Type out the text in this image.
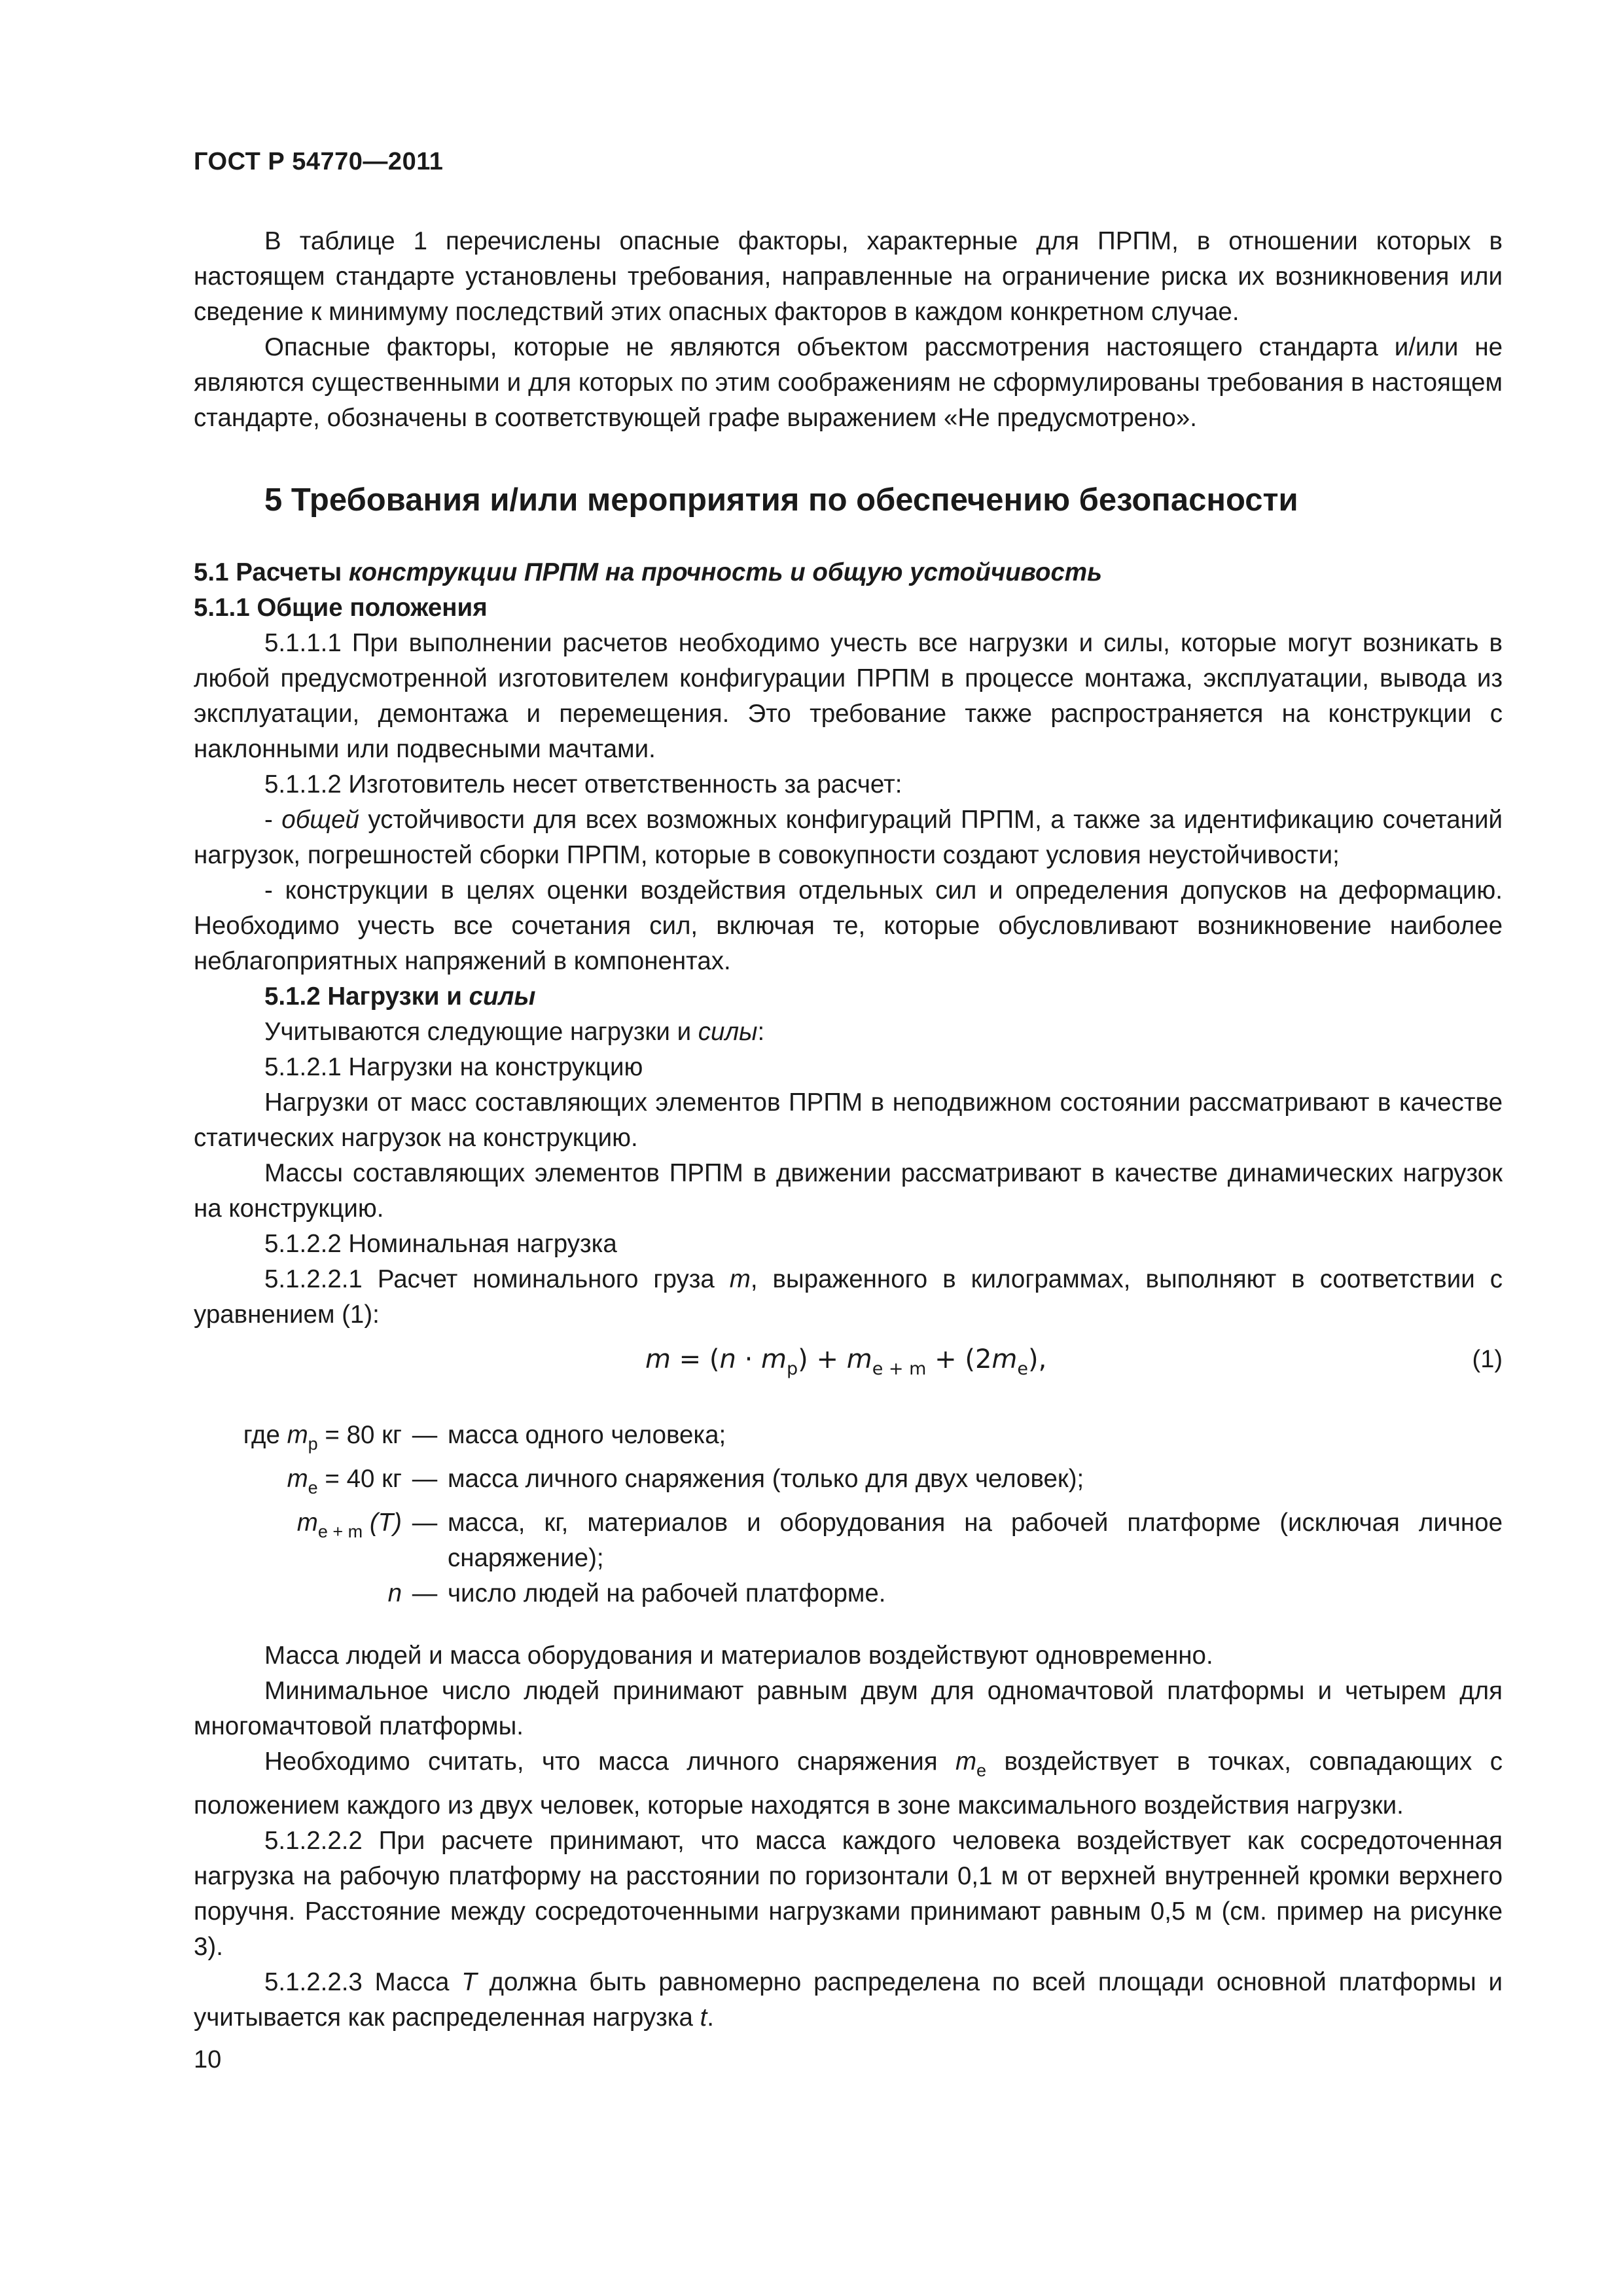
ГОСТ Р 54770—2011

В таблице 1 перечислены опасные факторы, характерные для ПРПМ, в отношении которых в настоящем стандарте установлены требования, направленные на ограничение риска их возникновения или сведение к минимуму последствий этих опасных факторов в каждом конкретном случае.

Опасные факторы, которые не являются объектом рассмотрения настоящего стандарта и/или не являются существенными и для которых по этим соображениям не сформулированы требования в настоящем стандарте, обозначены в соответствующей графе выражением «Не предусмотрено».

5 Требования и/или мероприятия по обеспечению безопасности

5.1 Расчеты конструкции ПРПМ на прочность и общую устойчивость

5.1.1 Общие положения

5.1.1.1 При выполнении расчетов необходимо учесть все нагрузки и силы, которые могут возникать в любой предусмотренной изготовителем конфигурации ПРПМ в процессе монтажа, эксплуатации, вывода из эксплуатации, демонтажа и перемещения. Это требование также распространяется на конструкции с наклонными или подвесными мачтами.

5.1.1.2 Изготовитель несет ответственность за расчет:

- общей устойчивости для всех возможных конфигураций ПРПМ, а также за идентификацию сочетаний нагрузок, погрешностей сборки ПРПМ, которые в совокупности создают условия неустойчивости;

- конструкции в целях оценки воздействия отдельных сил и определения допусков на деформацию. Необходимо учесть все сочетания сил, включая те, которые обусловливают возникновение наиболее неблагоприятных напряжений в компонентах.

5.1.2 Нагрузки и силы

Учитываются следующие нагрузки и силы:

5.1.2.1 Нагрузки на конструкцию

Нагрузки от масс составляющих элементов ПРПМ в неподвижном состоянии рассматривают в качестве статических нагрузок на конструкцию.

Массы составляющих элементов ПРПМ в движении рассматривают в качестве динамических нагрузок на конструкцию.

5.1.2.2 Номинальная нагрузка

5.1.2.2.1 Расчет номинального груза m, выраженного в килограммах, выполняют в соответствии с уравнением (1):

$m = (n \cdot m_p) + m_{e + m} + (2m_e)$,	(1)
где $m_p = 80$ кг	—	масса одного человека;
$m_e = 40$ кг	—	масса личного снаряжения (только для двух человек);
$m_{e + m}$ (T)	—	масса, кг, материалов и оборудования на рабочей платформе (исключая личное снаряжение);
n	—	число людей на рабочей платформе.

Масса людей и масса оборудования и материалов воздействуют одновременно.

Минимальное число людей принимают равным двум для одномачтовой платформы и четырем для многомачтовой платформы.

Необходимо считать, что масса личного снаряжения $m_e$ воздействует в точках, совпадающих с положением каждого из двух человек, которые находятся в зоне максимального воздействия нагрузки.

5.1.2.2.2 При расчете принимают, что масса каждого человека воздействует как сосредоточенная нагрузка на рабочую платформу на расстоянии по горизонтали 0,1 м от верхней внутренней кромки верхнего поручня. Расстояние между сосредоточенными нагрузками принимают равным 0,5 м (см. пример на рисунке 3).

5.1.2.2.3 Масса T должна быть равномерно распределена по всей площади основной платформы и учитывается как распределенная нагрузка t.

10
